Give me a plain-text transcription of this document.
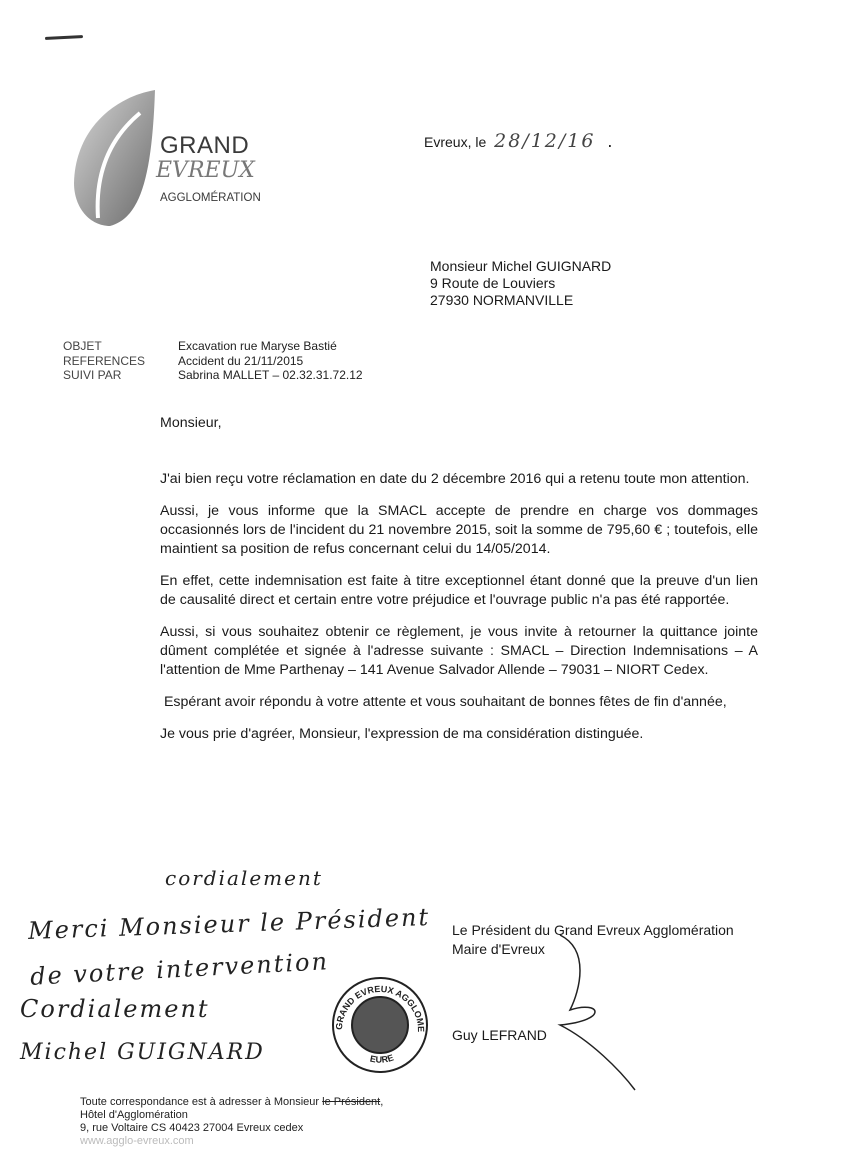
GRAND
EVREUX
AGGLOMÉRATION
Evreux, le 28/12/16 .
Monsieur Michel GUIGNARD
9 Route de Louviers
27930 NORMANVILLE
OBJET	Excavation rue Maryse Bastié
REFERENCES	Accident du 21/11/2015
SUIVI PAR	Sabrina MALLET – 02.32.31.72.12
Monsieur,

J'ai bien reçu votre réclamation en date du 2 décembre 2016 qui a retenu toute mon attention.

Aussi, je vous informe que la SMACL accepte de prendre en charge vos dommages occasionnés lors de l'incident du 21 novembre 2015, soit la somme de 795,60 € ; toutefois, elle maintient sa position de refus concernant celui du 14/05/2014.

En effet, cette indemnisation est faite à titre exceptionnel étant donné que la preuve d'un lien de causalité direct et certain entre votre préjudice et l'ouvrage public n'a pas été rapportée.

Aussi, si vous souhaitez obtenir ce règlement, je vous invite à retourner la quittance jointe dûment complétée et signée à l'adresse suivante : SMACL – Direction Indemnisations – A l'attention de Mme Parthenay – 141 Avenue Salvador Allende – 79031 – NIORT Cedex.

Espérant avoir répondu à votre attente et vous souhaitant de bonnes fêtes de fin d'année,

Je vous prie d'agréer, Monsieur, l'expression de ma considération distinguée.

Le Président du Grand Evreux Agglomération
Maire d'Evreux
Guy LEFRAND
GRAND EVREUX AGGLOME
EURE
cordialement
Merci Monsieur le Président
de votre intervention
Cordialement
Michel GUIGNARD
Toute correspondance est à adresser à Monsieur le Président,
Hôtel d'Agglomération
9, rue Voltaire CS 40423 27004 Evreux cedex
www.agglo-evreux.com
